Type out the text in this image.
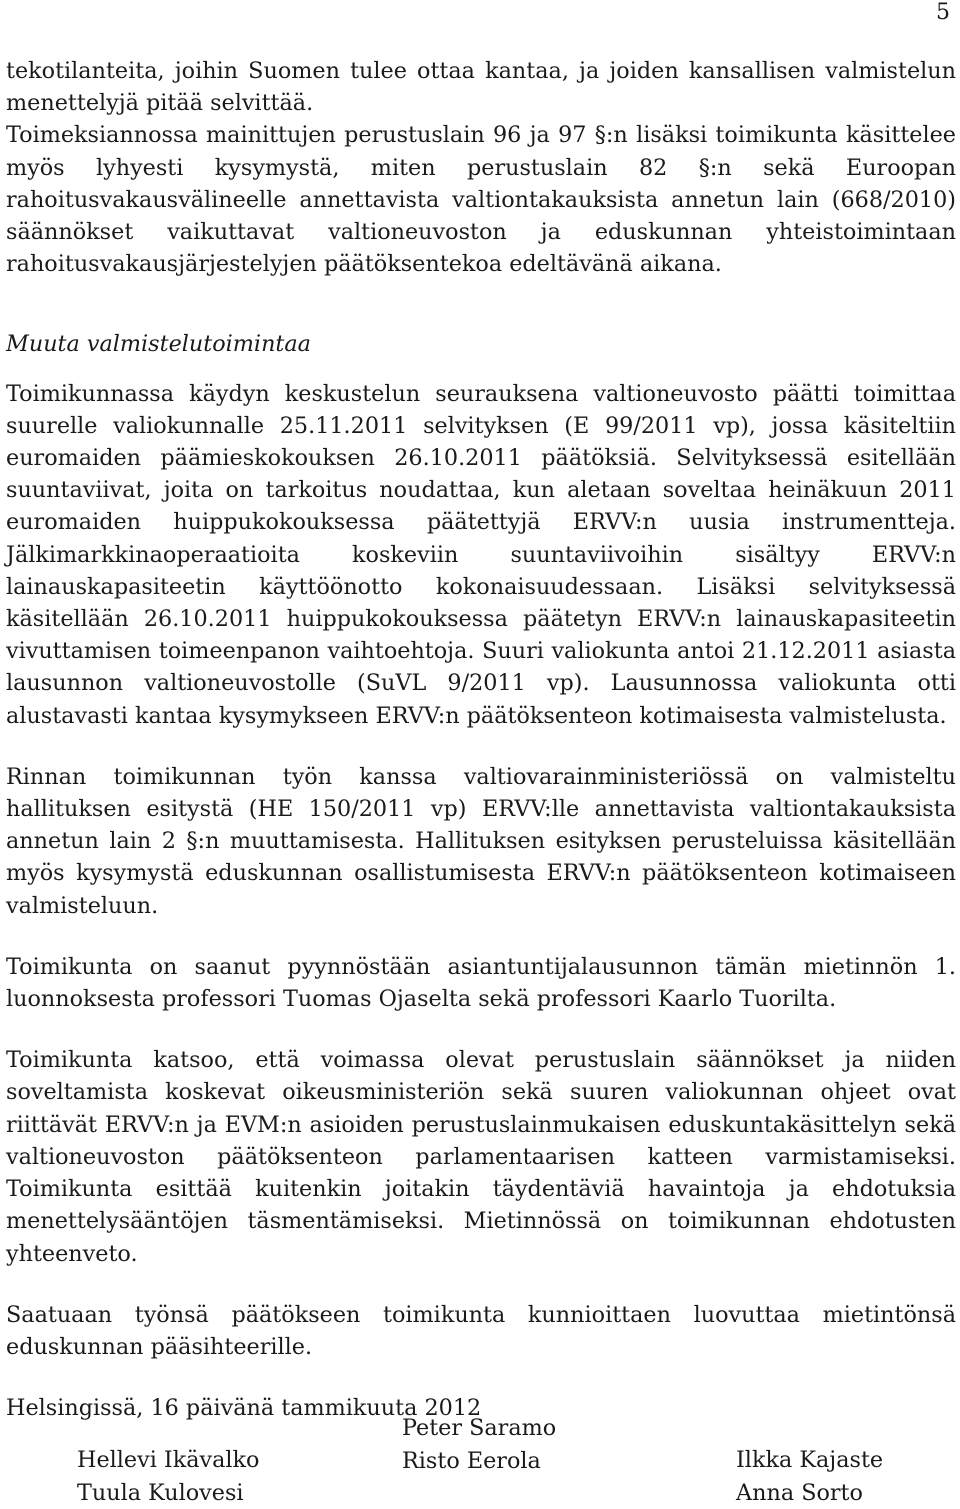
5

tekotilanteita, joihin Suomen tulee ottaa kantaa, ja joiden kansallisen valmistelun menettelyjä pitää selvittää.

Toimeksiannossa mainittujen perustuslain 96 ja 97 §:n lisäksi toimikunta käsittelee myös lyhyesti kysymystä, miten perustuslain 82 §:n sekä Euroopan rahoitusvakausvälineelle annettavista valtiontakauksista annetun lain (668/2010) säännökset vaikuttavat valtioneuvoston ja eduskunnan yhteistoimintaan rahoitusvakausjärjestelyjen päätöksentekoa edeltävänä aikana.

Muuta valmistelutoimintaa

Toimikunnassa käydyn keskustelun seurauksena valtioneuvosto päätti toimittaa suurelle valiokunnalle 25.11.2011 selvityksen (E 99/2011 vp), jossa käsiteltiin euromaiden päämieskokouksen 26.10.2011 päätöksiä. Selvityksessä esitellään suuntaviivat, joita on tarkoitus noudattaa, kun aletaan soveltaa heinäkuun 2011 euromaiden huippukokouksessa päätettyjä ERVV:n uusia instrumentteja. Jälkimarkkinaoperaatioita koskeviin suuntaviivoihin sisältyy ERVV:n lainauskapasiteetin käyttöönotto kokonaisuudessaan. Lisäksi selvityksessä käsitellään 26.10.2011 huippukokouksessa päätetyn ERVV:n lainauskapasiteetin vivuttamisen toimeenpanon vaihtoehtoja. Suuri valiokunta antoi 21.12.2011 asiasta lausunnon valtioneuvostolle (SuVL 9/2011 vp). Lausunnossa valiokunta otti alustavasti kantaa kysymykseen ERVV:n päätöksenteon kotimaisesta valmistelusta.

Rinnan toimikunnan työn kanssa valtiovarainministeriössä on valmisteltu hallituksen esitystä (HE 150/2011 vp) ERVV:lle annettavista valtiontakauksista annetun lain 2 §:n muuttamisesta. Hallituksen esityksen perusteluissa käsitellään myös kysymystä eduskunnan osallistumisesta ERVV:n päätöksenteon kotimaiseen valmisteluun.

Toimikunta on saanut pyynnöstään asiantuntijalausunnon tämän mietinnön 1. luonnoksesta professori Tuomas Ojaselta sekä professori Kaarlo Tuorilta.

Toimikunta katsoo, että voimassa olevat perustuslain säännökset ja niiden soveltamista koskevat oikeusministeriön sekä suuren valiokunnan ohjeet ovat riittävät ERVV:n ja EVM:n asioiden perustuslainmukaisen eduskuntakäsittelyn sekä valtioneuvoston päätöksenteon parlamentaarisen katteen varmistamiseksi. Toimikunta esittää kuitenkin joitakin täydentäviä havaintoja ja ehdotuksia menettelysääntöjen täsmentämiseksi. Mietinnössä on toimikunnan ehdotusten yhteenveto.

Saatuaan työnsä päätökseen toimikunta kunnioittaen luovuttaa mietintönsä eduskunnan pääsihteerille.

Helsingissä, 16 päivänä tammikuuta 2012

Hellevi Ikävalko
Tuula Kulovesi
Peter Saramo
Risto Eerola	Ilkka Kajaste
Anna Sorto
